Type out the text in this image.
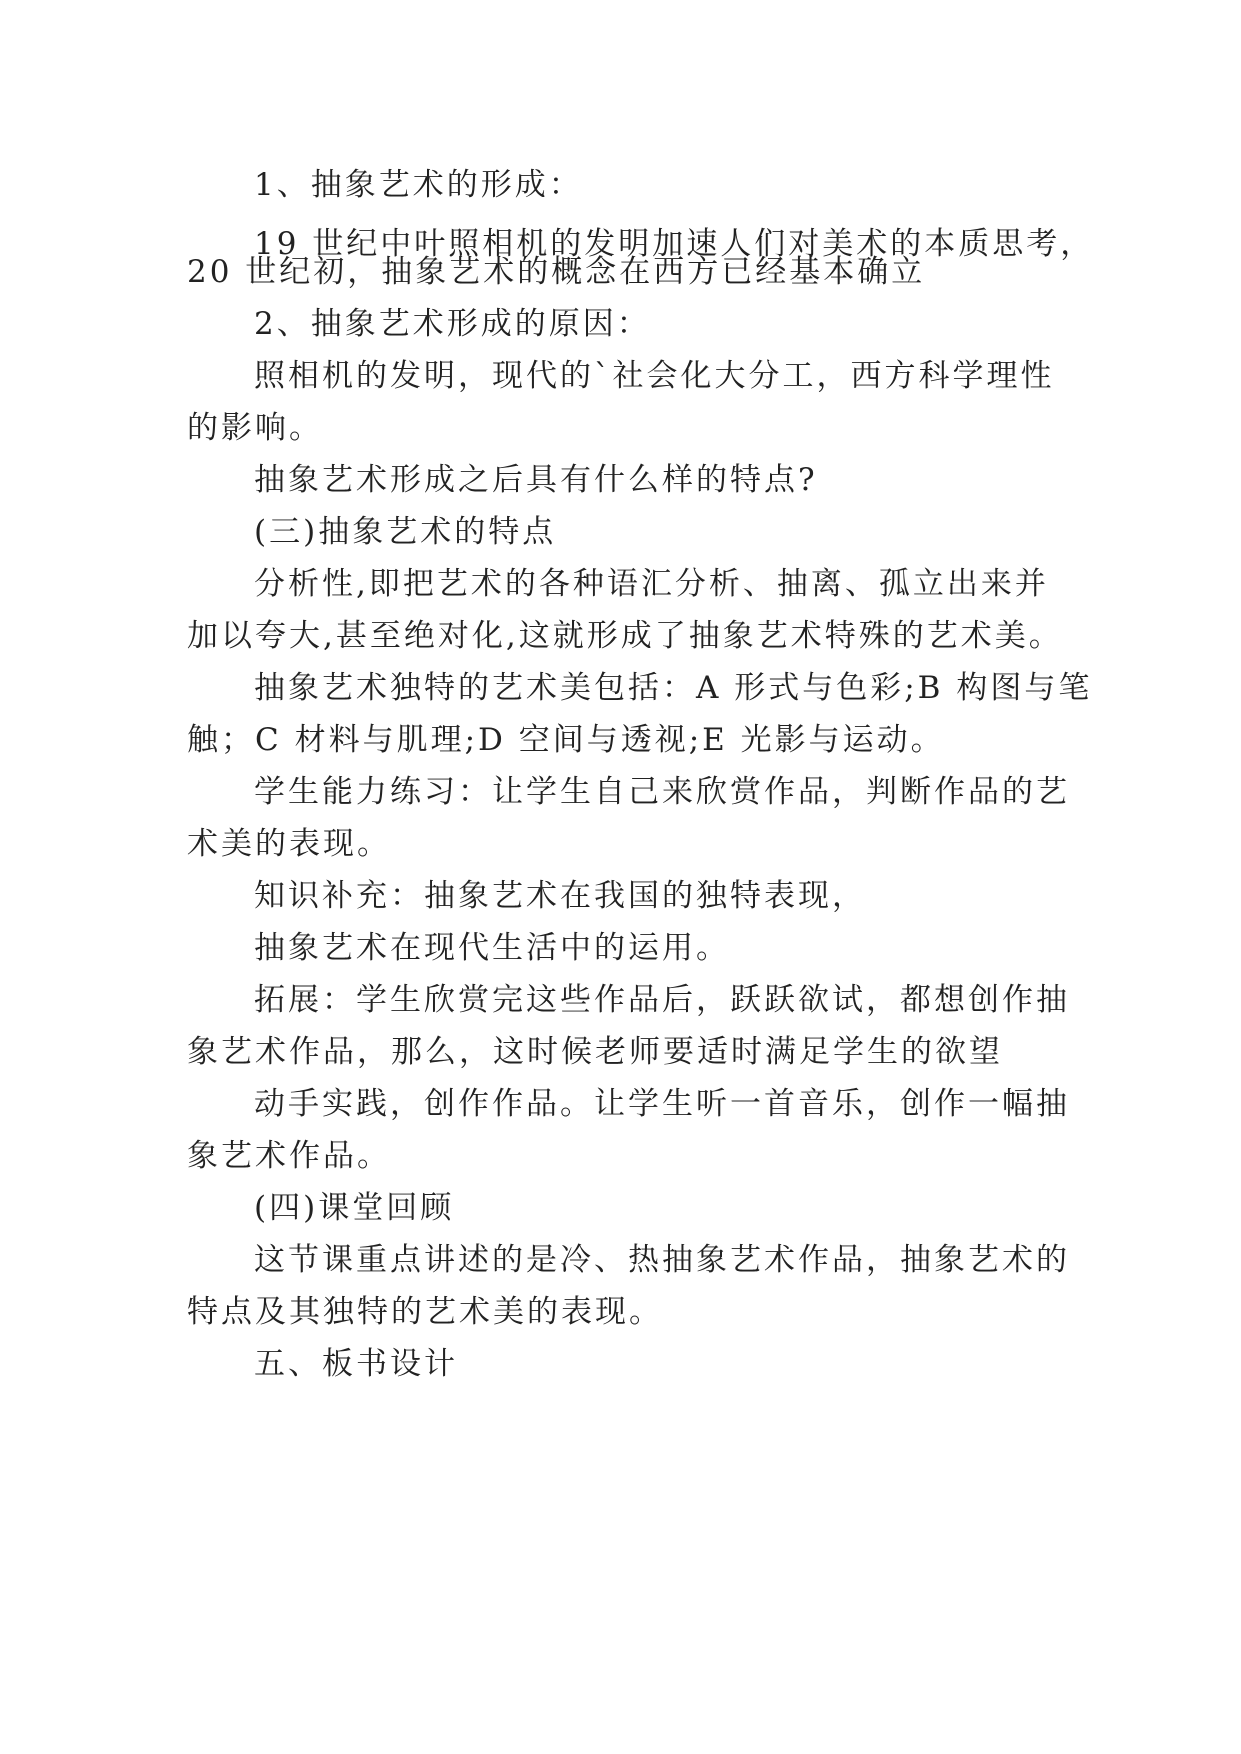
1、抽象艺术的形成：
19 世纪中叶照相机的发明加速人们对美术的本质思考，
20 世纪初，抽象艺术的概念在西方已经基本确立
2、抽象艺术形成的原因：
照相机的发明，现代的`社会化大分工，西方科学理性
的影响。
抽象艺术形成之后具有什么样的特点?
(三)抽象艺术的特点
分析性,即把艺术的各种语汇分析、抽离、孤立出来并
加以夸大,甚至绝对化,这就形成了抽象艺术特殊的艺术美。
抽象艺术独特的艺术美包括：A 形式与色彩;B 构图与笔
触；C 材料与肌理;D 空间与透视;E 光影与运动。
学生能力练习：让学生自己来欣赏作品，判断作品的艺
术美的表现。
知识补充：抽象艺术在我国的独特表现，
抽象艺术在现代生活中的运用。
拓展：学生欣赏完这些作品后，跃跃欲试，都想创作抽
象艺术作品，那么，这时候老师要适时满足学生的欲望
动手实践，创作作品。让学生听一首音乐，创作一幅抽
象艺术作品。
(四)课堂回顾
这节课重点讲述的是冷、热抽象艺术作品，抽象艺术的
特点及其独特的艺术美的表现。
五、板书设计
